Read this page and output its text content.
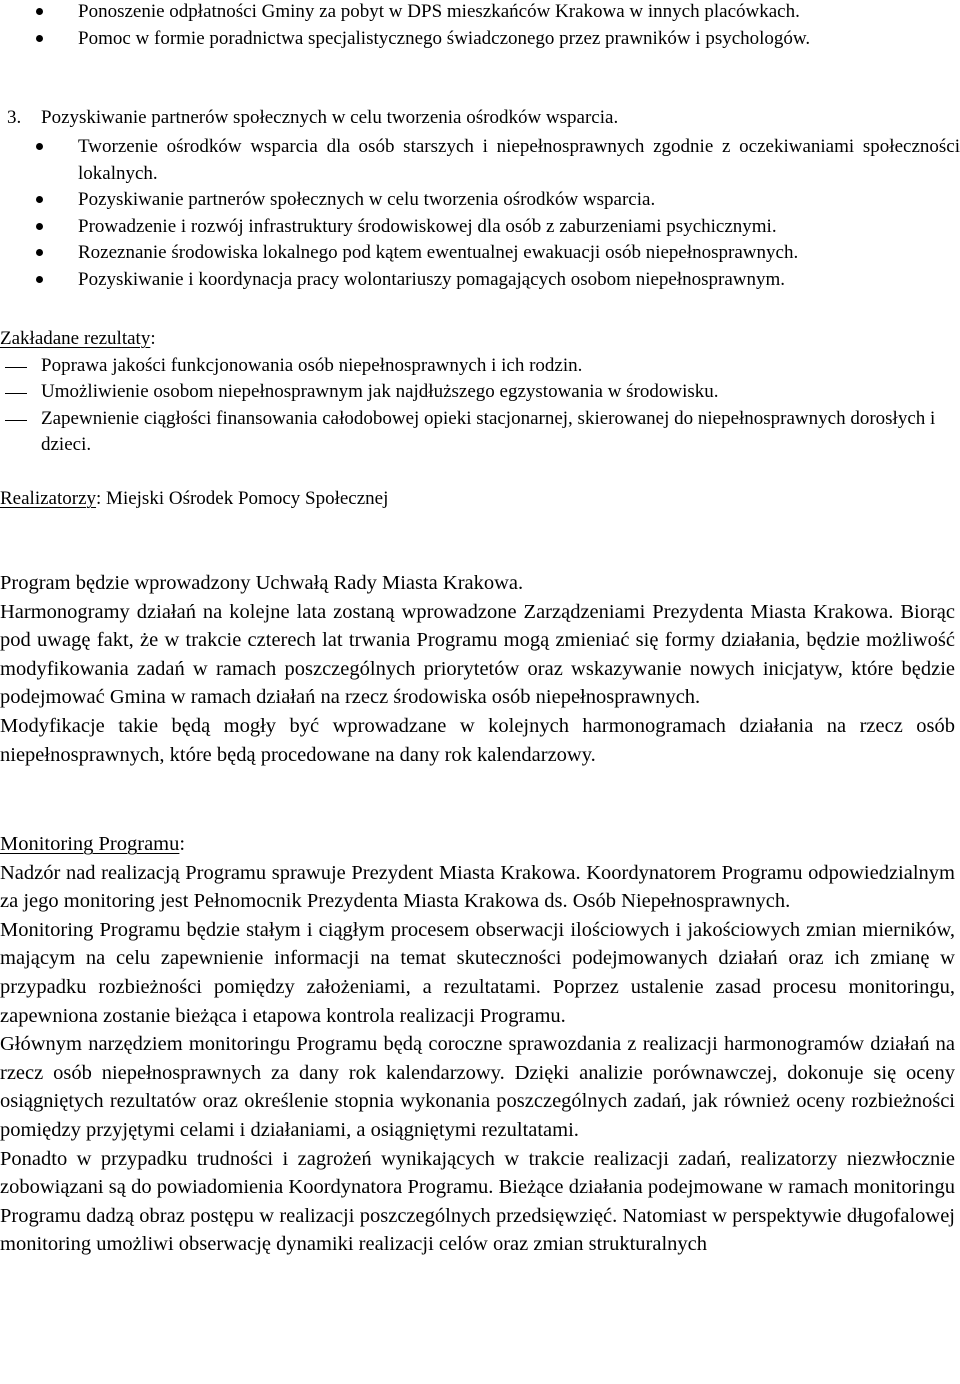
Ponoszenie odpłatności Gminy za pobyt w DPS mieszkańców Krakowa w innych placówkach.

Pomoc w formie poradnictwa specjalistycznego świadczonego przez prawników i psychologów.

3. Pozyskiwanie partnerów społecznych w celu tworzenia ośrodków wsparcia.

Tworzenie ośrodków wsparcia dla osób starszych i niepełnosprawnych zgodnie z oczekiwaniami społeczności lokalnych.

Pozyskiwanie partnerów społecznych w celu tworzenia ośrodków wsparcia.

Prowadzenie i rozwój infrastruktury środowiskowej dla osób z zaburzeniami psychicznymi.

Rozeznanie środowiska lokalnego pod kątem ewentualnej ewakuacji osób niepełnosprawnych.

Pozyskiwanie i koordynacja pracy wolontariuszy pomagających osobom niepełnosprawnym.

Zakładane rezultaty:

Poprawa jakości funkcjonowania osób niepełnosprawnych i ich rodzin.

Umożliwienie osobom niepełnosprawnym jak najdłuższego egzystowania w środowisku.

Zapewnienie ciągłości finansowania całodobowej opieki stacjonarnej, skierowanej do niepełnosprawnych dorosłych i dzieci.

Realizatorzy: Miejski Ośrodek Pomocy Społecznej

Program będzie wprowadzony Uchwałą Rady Miasta Krakowa.

Harmonogramy działań na kolejne lata zostaną wprowadzone Zarządzeniami Prezydenta Miasta Krakowa. Biorąc pod uwagę fakt, że w trakcie czterech lat trwania Programu mogą zmieniać się formy działania, będzie możliwość modyfikowania zadań w ramach poszczególnych priorytetów oraz wskazywanie nowych inicjatyw, które będzie podejmować Gmina w ramach działań na rzecz środowiska osób niepełnosprawnych.

Modyfikacje takie będą mogły być wprowadzane w kolejnych harmonogramach działania na rzecz osób niepełnosprawnych, które będą procedowane na dany rok kalendarzowy.

Monitoring Programu:

Nadzór nad realizacją Programu sprawuje Prezydent Miasta Krakowa. Koordynatorem Programu odpowiedzialnym za jego monitoring jest Pełnomocnik Prezydenta Miasta Krakowa ds. Osób Niepełnosprawnych.

Monitoring Programu będzie stałym i ciągłym procesem obserwacji ilościowych i jakościowych zmian mierników, mającym na celu zapewnienie informacji na temat skuteczności podejmowanych działań oraz ich zmianę w przypadku rozbieżności pomiędzy założeniami, a rezultatami. Poprzez ustalenie zasad procesu monitoringu, zapewniona zostanie bieżąca i etapowa kontrola realizacji Programu.

Głównym narzędziem monitoringu Programu będą coroczne sprawozdania z realizacji harmonogramów działań na rzecz osób niepełnosprawnych za dany rok kalendarzowy. Dzięki analizie porównawczej, dokonuje się oceny osiągniętych rezultatów oraz określenie stopnia wykonania poszczególnych zadań, jak również oceny rozbieżności pomiędzy przyjętymi celami i działaniami, a osiągniętymi rezultatami.

Ponadto w przypadku trudności i zagrożeń wynikających w trakcie realizacji zadań, realizatorzy niezwłocznie zobowiązani są do powiadomienia Koordynatora Programu. Bieżące działania podejmowane w ramach monitoringu Programu dadzą obraz postępu w realizacji poszczególnych przedsięwzięć. Natomiast w perspektywie długofalowej monitoring umożliwi obserwację dynamiki realizacji celów oraz zmian strukturalnych
